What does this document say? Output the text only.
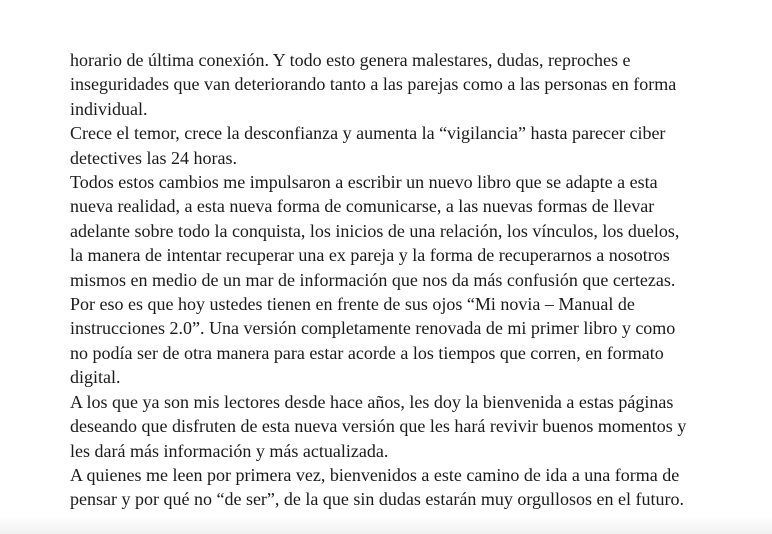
horario de última conexión. Y todo esto genera malestares, dudas, reproches e
inseguridades que van deteriorando tanto a las parejas como a las personas en forma
individual.

Crece el temor, crece la desconfianza y aumenta la “vigilancia” hasta parecer ciber
detectives las 24 horas.

Todos estos cambios me impulsaron a escribir un nuevo libro que se adapte a esta
nueva realidad, a esta nueva forma de comunicarse, a las nuevas formas de llevar
adelante sobre todo la conquista, los inicios de una relación, los vínculos, los duelos,
la manera de intentar recuperar una ex pareja y la forma de recuperarnos a nosotros
mismos en medio de un mar de información que nos da más confusión que certezas.

Por eso es que hoy ustedes tienen en frente de sus ojos “Mi novia – Manual de
instrucciones 2.0”. Una versión completamente renovada de mi primer libro y como
no podía ser de otra manera para estar acorde a los tiempos que corren, en formato
digital.

A los que ya son mis lectores desde hace años, les doy la bienvenida a estas páginas
deseando que disfruten de esta nueva versión que les hará revivir buenos momentos y
les dará más información y más actualizada.

A quienes me leen por primera vez, bienvenidos a este camino de ida a una forma de
pensar y por qué no “de ser”, de la que sin dudas estarán muy orgullosos en el futuro.
